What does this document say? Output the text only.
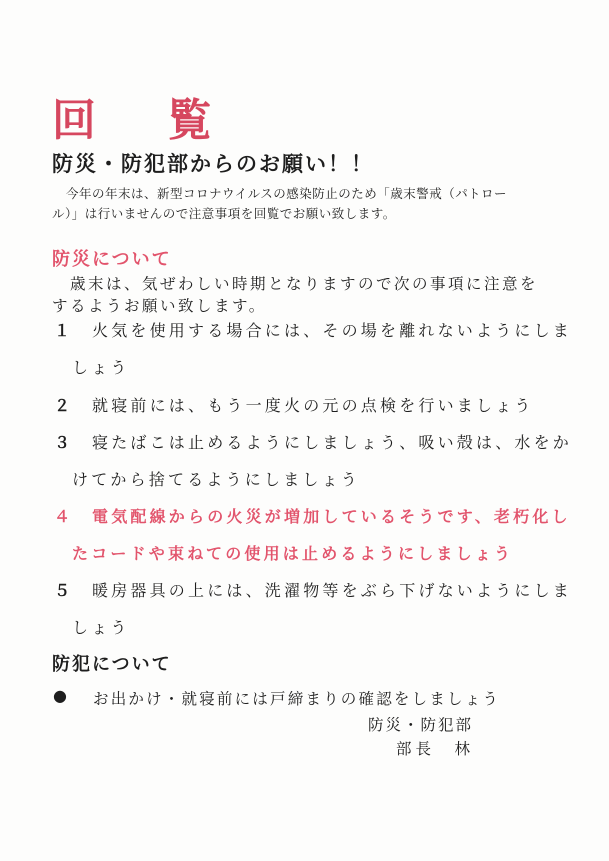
回 覧

防災・防犯部からのお願い！！

今年の年末は、新型コロナウイルスの感染防止のため「歳末警戒（パトロー

ル）」は行いませんので注意事項を回覧でお願い致します。

防災について

歳末は、気ぜわしい時期となりますので次の事項に注意を

するようお願い致します。

１ 火気を使用する場合には、その場を離れないようにしま
しょう
２ 就寝前には、もう一度火の元の点検を行いましょう
３ 寝たばこは止めるようにしましょう、吸い殻は、水をか
けてから捨てるようにしましょう
４ 電気配線からの火災が増加しているそうです、老朽化し
たコードや束ねての使用は止めるようにしましょう
５ 暖房器具の上には、洗濯物等をぶら下げないようにしま
しょう

防犯について

● お出かけ・就寝前には戸締まりの確認をしましょう

防災・防犯部

部長　林
